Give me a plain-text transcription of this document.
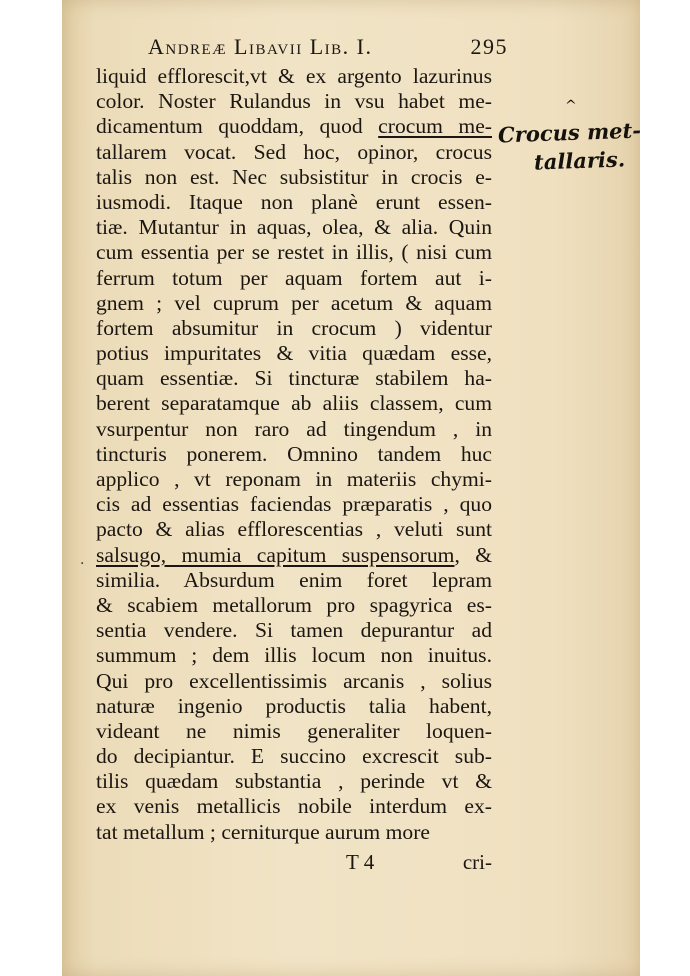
Andreæ Libavii Lib. I.	295
liquid efflorescit,vt & ex argento lazurinus
color. Noster Rulandus in vsu habet me-
dicamentum quoddam, quod crocum me-
tallarem vocat. Sed hoc, opinor, crocus
talis non est. Nec subsistitur in crocis e-
iusmodi. Itaque non planè erunt essen-
tiæ. Mutantur in aquas, olea, & alia. Quin
cum essentia per se restet in illis, ( nisi cum
ferrum totum per aquam fortem aut i-
gnem ; vel cuprum per acetum & aquam
fortem absumitur in crocum ) videntur
potius impuritates & vitia quædam esse,
quam essentiæ. Si tincturæ stabilem ha-
berent separatamque ab aliis classem, cum
vsurpentur non raro ad tingendum , in
tincturis ponerem. Omnino tandem huc
applico , vt reponam in materiis chymi-
cis ad essentias faciendas præparatis , quo
pacto & alias efflorescentias , veluti sunt
salsugo, mumia capitum suspensorum, &
similia. Absurdum enim foret lepram
& scabiem metallorum pro spagyrica es-
sentia vendere. Si tamen depurantur ad
summum ; dem illis locum non inuitus.
Qui pro excellentissimis arcanis , solius
naturæ ingenio productis talia habent,
videant ne nimis generaliter loquen-
do decipiantur. E succino excrescit sub-
tilis quædam substantia , perinde vt &
ex venis metallicis nobile interdum ex-
tat metallum ; cerniturque aurum more
^
·
Crocus met-
tallaris.
T 4	cri-
